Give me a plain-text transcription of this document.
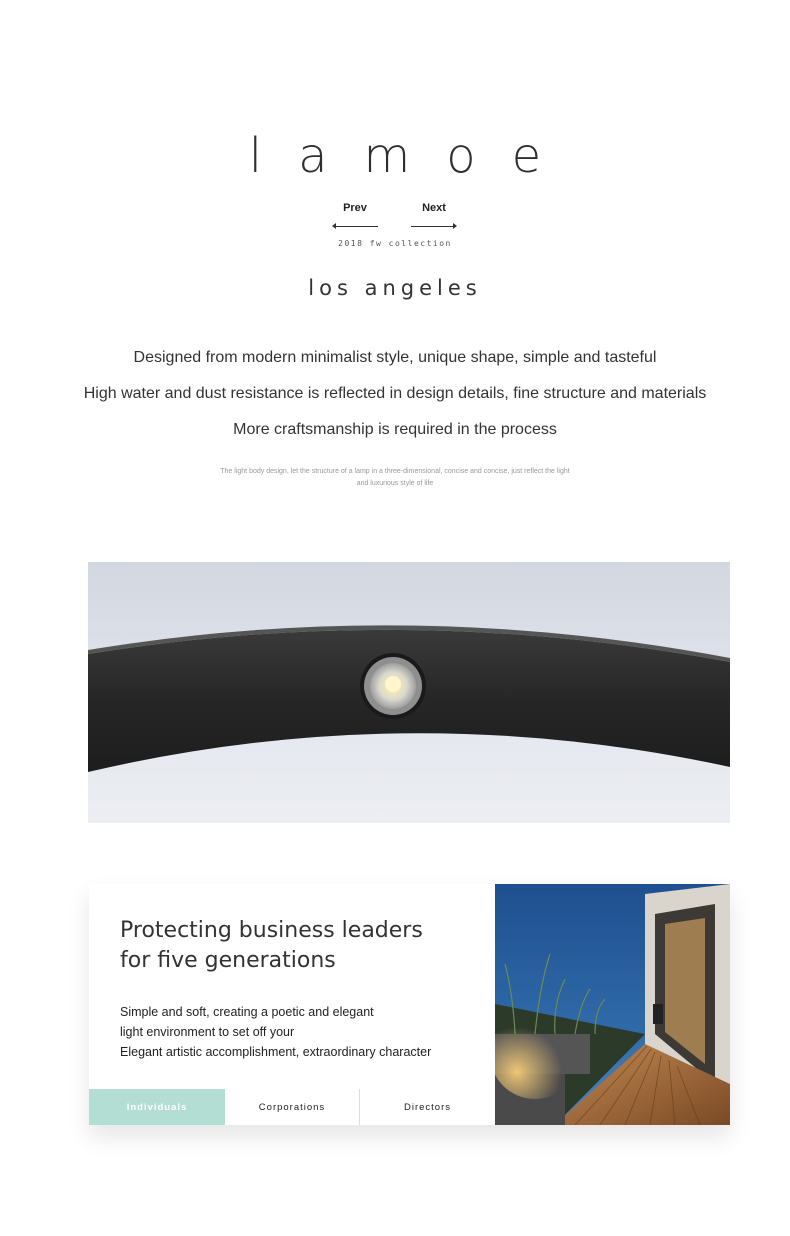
lamoe
Prev	Next
2018 fw collection
los angeles
Designed from modern minimalist style, unique shape, simple and tasteful
High water and dust resistance is reflected in design details, fine structure and materials
More craftsmanship is required in the process
The light body design, let the structure of a lamp in a three-dimensional, concise and concise, just reflect the light and luxurious style of life
Protecting business leaders
for five generations
Simple and soft, creating a poetic and elegant
light environment to set off your
Elegant artistic accomplishment, extraordinary character
Individuals	Corporations	Directors
